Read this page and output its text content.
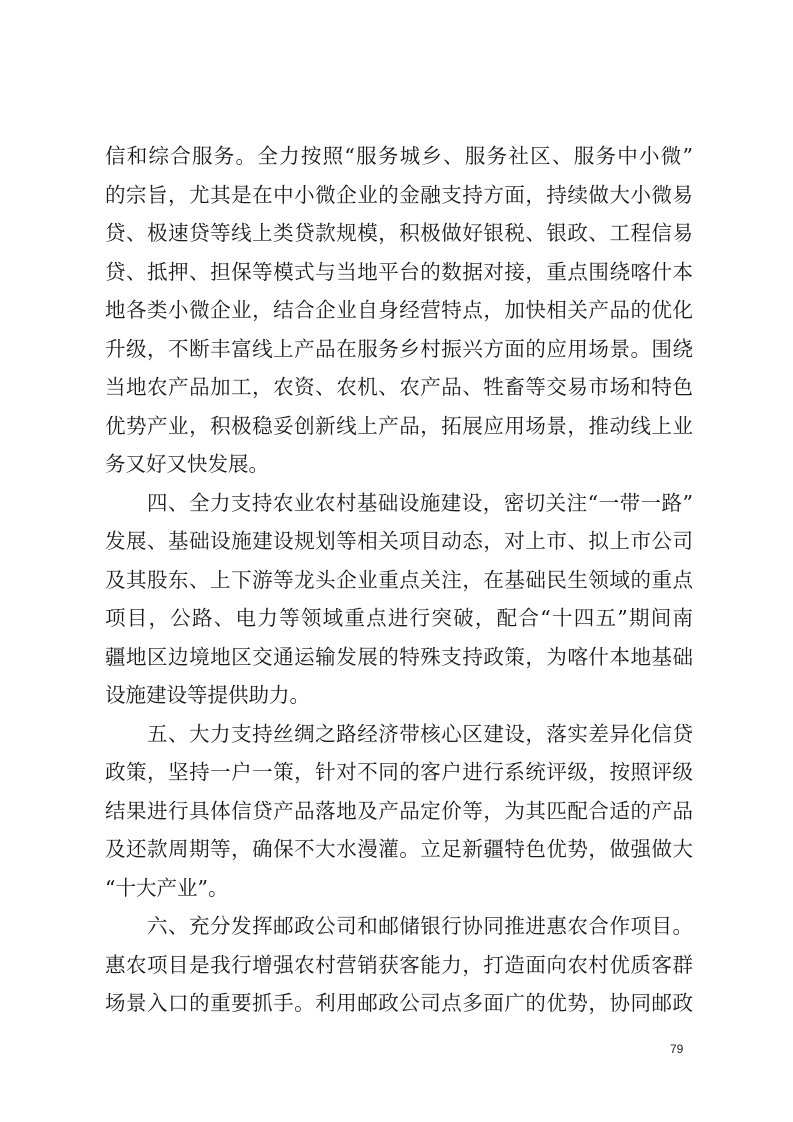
信和综合服务。全力按照“服务城乡、服务社区、服务中小微”
的宗旨，尤其是在中小微企业的金融支持方面，持续做大小微易
贷、极速贷等线上类贷款规模，积极做好银税、银政、工程信易
贷、抵押、担保等模式与当地平台的数据对接，重点围绕喀什本
地各类小微企业，结合企业自身经营特点，加快相关产品的优化
升级，不断丰富线上产品在服务乡村振兴方面的应用场景。围绕
当地农产品加工，农资、农机、农产品、牲畜等交易市场和特色
优势产业，积极稳妥创新线上产品，拓展应用场景，推动线上业
务又好又快发展。
四、全力支持农业农村基础设施建设，密切关注“一带一路”
发展、基础设施建设规划等相关项目动态，对上市、拟上市公司
及其股东、上下游等龙头企业重点关注，在基础民生领域的重点
项目，公路、电力等领域重点进行突破，配合“十四五”期间南
疆地区边境地区交通运输发展的特殊支持政策，为喀什本地基础
设施建设等提供助力。
五、大力支持丝绸之路经济带核心区建设，落实差异化信贷
政策，坚持一户一策，针对不同的客户进行系统评级，按照评级
结果进行具体信贷产品落地及产品定价等，为其匹配合适的产品
及还款周期等，确保不大水漫灌。立足新疆特色优势，做强做大
“十大产业”。
六、充分发挥邮政公司和邮储银行协同推进惠农合作项目。
惠农项目是我行增强农村营销获客能力，打造面向农村优质客群
场景入口的重要抓手。利用邮政公司点多面广的优势，协同邮政
79
